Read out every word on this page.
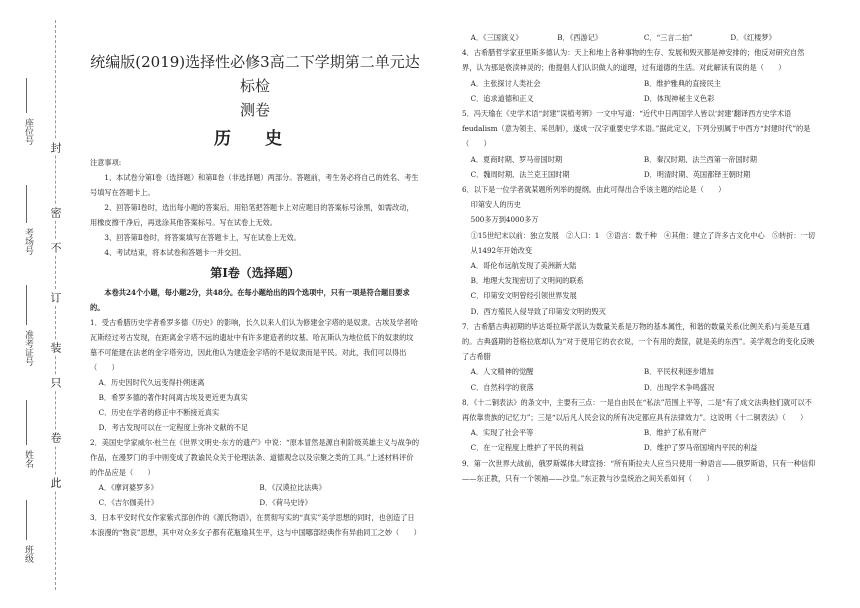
封
密
不
订
装
只
卷
此
座位号
考场号
准考证号
姓名
班级
统编版(2019)选择性必修3高二下学期第二单元达标检
测卷
历 史
注意事项:

1、本试卷分第Ⅰ卷（选择题）和第Ⅱ卷（非选择题）两部分。答题前，考生务必将自己的姓名、考生号填写在答题卡上。

2、回答第Ⅰ卷时，选出每小题的答案后，用铅笔把答题卡上对应题目的答案标号涂黑，如需改动，用橡皮擦干净后，再选涂其他答案标号。写在试卷上无效。

3、回答第Ⅱ卷时，将答案填写在答题卡上，写在试卷上无效。

4、考试结束，将本试卷和答题卡一并交回。

第Ⅰ卷（选择题）

本卷共24个小题，每小题2分，共48分。在每小题给出的四个选项中，只有一项是符合题目要求的。

1．受古希腊历史学者希罗多德《历史》的影响，长久以来人们认为修建金字塔的是奴隶。古埃及学者哈瓦斯经过考古发现，在距离金字塔不远的遗址中有许多建造者的坟墓。哈瓦斯认为地位低下的奴隶的坟墓不可能建在法老的金字塔旁边，因此他认为建造金字塔的不是奴隶而是平民。对此，我们可以得出（　　）

A．历史因时代久远变得扑朔迷离

B．希罗多德的著作时间离古埃及更近更为真实

C．历史在学者的修正中不断接近真实

D．考古发现可以在一定程度上弥补文献的不足

2．美国史学家威尔·杜兰在《世界文明史·东方的遗产》中说：“原本冒然是源自利阶级英雄主义与战争的作品，在漫罗门的手中则变成了教谕民众关于伦理法条、道德观念以及宗聚之类的工具。”上述材料评价的作品应是（　　）

A．《摩诃婆罗多》	B．《汉谟拉比法典》
C．《吉尔伽美什》	D．《荷马史诗》

3．日本平安时代女作家紫式部创作的《源氏物语》，在贯彻写实的“真实”美学思想的同时，也创造了日本浪漫的“物哀”思想，其中对众多女子都有花瓶瑜其生平，这与中国哪部经典作有异曲同工之妙（　　）

A．《三国演义》	B．《西游记》	C．“三言二拍”	D．《红楼梦》

4．古希腊哲学家亚里斯多德认为：天上和地上各种事物的生存、发展和毁灭都是神安排的；他反对研究自然界，认为那是亵渎神灵的；他提倡人们认识做人的道理，过有道德的生活。对此解读有误的是（　　）

A．主张探讨人类社会	B．维护雅典的直接民主
C．追求道德和正义	D．体现神秘主义色彩

5．冯天瑜在《史学术语“封建”误植考辨》一文中写道：“近代中日两国学人皆以‘封建’翻译西方史学术语feudalism（意为领主、采邑制），遂成一汉字重要史学术语。”据此定义，下列分别属于中西方“封建时代”的是（　　）

A．夏商时期、罗马帝国时期	B．秦汉时期、法兰西第一帝国时期
C．魏周时期、法兰克王国时期	D．明清时期、英国都铎王朝时期

6．以下是一位学者就某题所列举的提纲。由此可得出合乎该主题的结论是（　　）

印第安人的历史

500多万到4000多万

①15世纪末以前：独立发展　②人口：1　③语言：数千种　④其他：建立了许多古文化中心　⑤转折：一切从1492年开始改变

A．哥伦布远航发现了美洲新大陆

B．地理大发现密切了文明间的联系

C．印第安文明曾经引领世界发展

D．西方殖民入侵导致了印第安文明的毁灭

7．古希腊古典初期的毕达哥拉斯学派认为数量关系是万物的基本属性，和谐的数量关系(比例关系)与美是互通的。古典盛期的苍格拉底却认为“对于使用它的衣衣说，一个有用的粪筐，就是美的东西”。美学观念的变化反映了古希腊

A．人文精神的觉醒	B．平民权利逐步增加
C．自然科学的衰落	D．出现学术争鸣盛况

8．《十二铜表法》的条文中，主要有三点：一是自由民在“私法”范围上平等，二是“有了成文法典他们就可以不再依靠贵族的记忆力”；三是“以后凡人民会议的所有决定都应具有法律效力”。这说明《十二铜表法》（　　）

A．实现了社会平等	B．维护了私有财产
C．在一定程度上维护了平民的利益	D．维护了罗马帝国境内平民的利益

9．第一次世界大战前，俄罗斯媒体大肆宣扬：“所有斯拉夫人应当只使用一种语言——俄罗斯语，只有一种信仰——东正教，只有一个领袖——沙皇。”东正教与沙皇统治之间关系如何（　　）
